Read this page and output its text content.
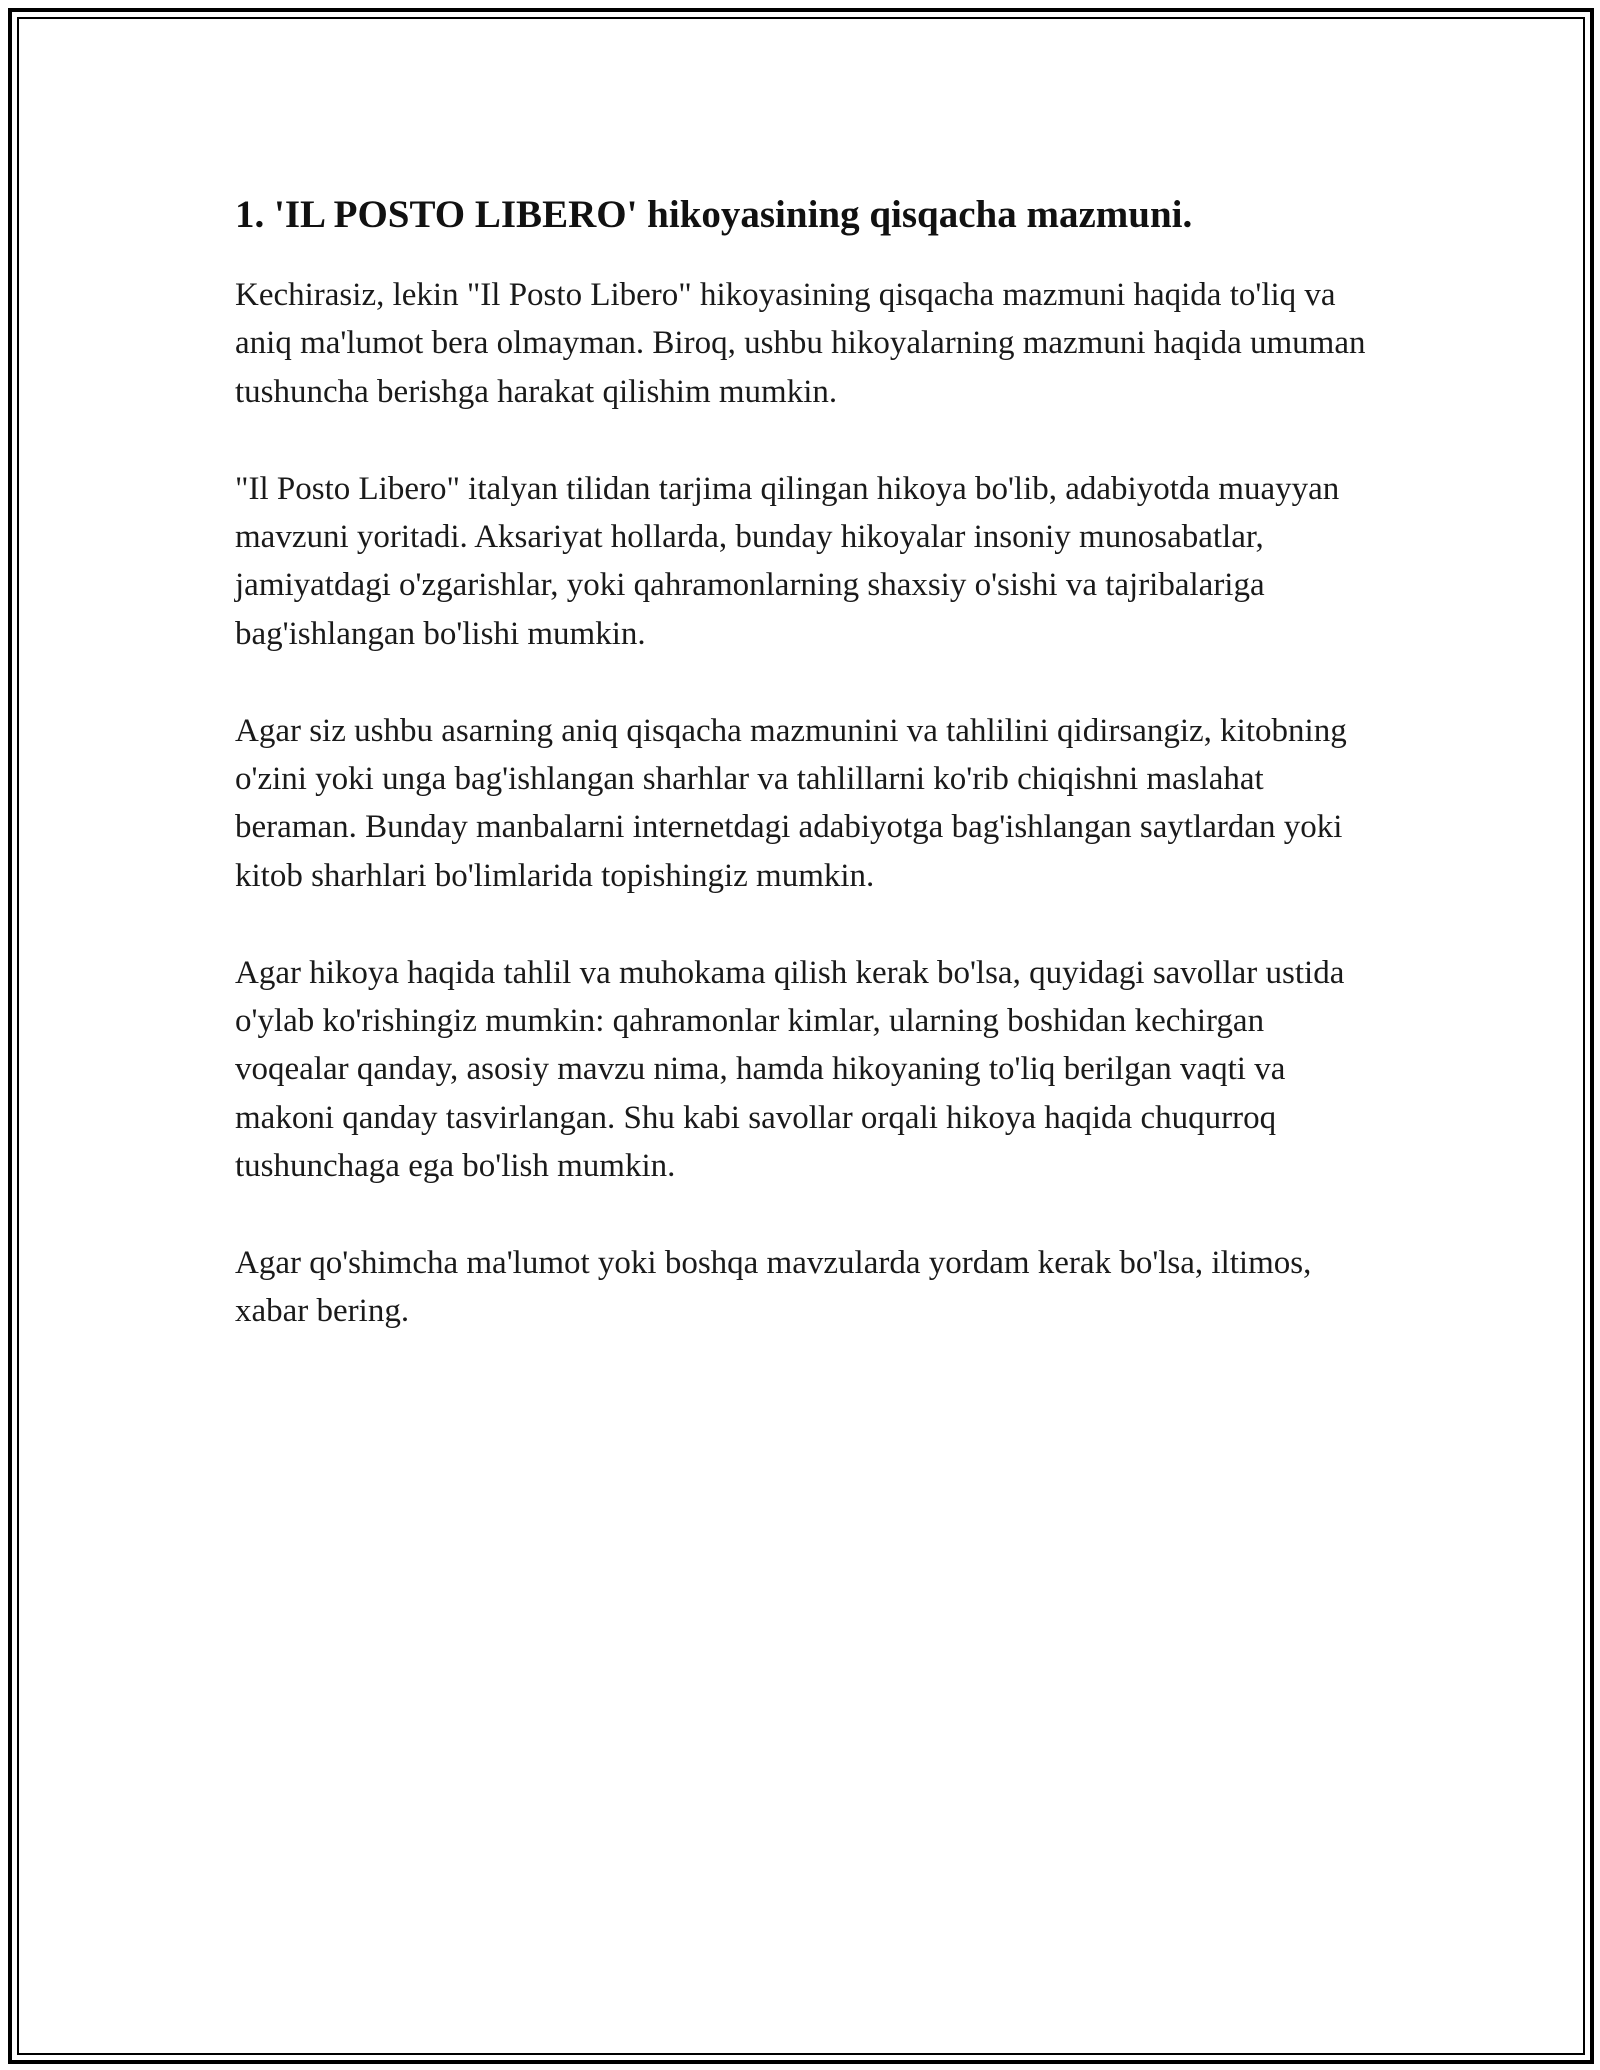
1. 'IL POSTO LIBERO' hikoyasining qisqacha mazmuni.

Kechirasiz, lekin "Il Posto Libero" hikoyasining qisqacha mazmuni haqida to'liq va aniq ma'lumot bera olmayman. Biroq, ushbu hikoyalarning mazmuni haqida umuman tushuncha berishga harakat qilishim mumkin.

"Il Posto Libero" italyan tilidan tarjima qilingan hikoya bo'lib, adabiyotda muayyan mavzuni yoritadi. Aksariyat hollarda, bunday hikoyalar insoniy munosabatlar, jamiyatdagi o'zgarishlar, yoki qahramonlarning shaxsiy o'sishi va tajribalariga bag'ishlangan bo'lishi mumkin.

Agar siz ushbu asarning aniq qisqacha mazmunini va tahlilini qidirsangiz, kitobning o'zini yoki unga bag'ishlangan sharhlar va tahlillarni ko'rib chiqishni maslahat beraman. Bunday manbalarni internetdagi adabiyotga bag'ishlangan saytlardan yoki kitob sharhlari bo'limlarida topishingiz mumkin.

Agar hikoya haqida tahlil va muhokama qilish kerak bo'lsa, quyidagi savollar ustida o'ylab ko'rishingiz mumkin: qahramonlar kimlar, ularning boshidan kechirgan voqealar qanday, asosiy mavzu nima, hamda hikoyaning to'liq berilgan vaqti va makoni qanday tasvirlangan. Shu kabi savollar orqali hikoya haqida chuqurroq tushunchaga ega bo'lish mumkin.

Agar qo'shimcha ma'lumot yoki boshqa mavzularda yordam kerak bo'lsa, iltimos, xabar bering.
